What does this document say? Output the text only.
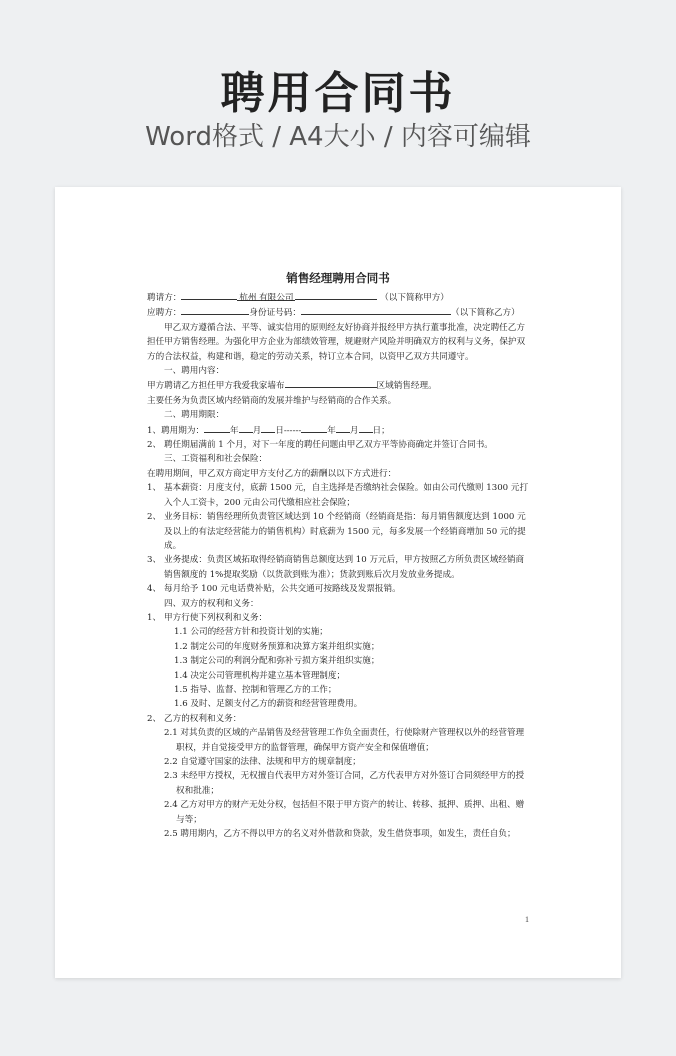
聘用合同书
Word格式 / A4大小 / 内容可编辑
销售经理聘用合同书
聘请方：	杭州 有限公司	（以下简称甲方）
应聘方：	身份证号码：	（以下简称乙方）
甲乙双方遵循合法、平等、诚实信用的原则经友好协商并报经甲方执行董事批准，决定聘任乙方担任甲方销售经理。为强化甲方企业为部绩效管理，规避财产风险并明确双方的权利与义务，保护双方的合法权益，构建和谐，稳定的劳动关系，特订立本合同，以资甲乙双方共同遵守。
一、聘用内容：
甲方聘请乙方担任甲方我爱我家墙布	区域销售经理。
主要任务为负责区域内经销商的发展并维护与经销商的合作关系。
二、聘用期限：
1、聘用期为：	年 月 日------	年 月 日；
2、 聘任期届满前 1 个月，对下一年度的聘任问题由甲乙双方平等协商确定并签订合同书。
三、工资福利和社会保险：
在聘用期间，甲乙双方商定甲方支付乙方的薪酬以以下方式进行：
1、 基本薪资：月度支付，底薪 1500 元，自主选择是否缴纳社会保险。如由公司代缴则 1300 元打入个人工资卡，200 元由公司代缴相应社会保险；
2、 业务目标：销售经理所负责管区域达到 10 个经销商（经销商是指：每月销售额度达到 1000 元及以上的有法定经营能力的销售机构）时底薪为 1500 元，每多发展一个经销商增加 50 元的提成。
3、 业务提成：负责区域拓取得经销商销售总额度达到 10 万元后，甲方按照乙方所负责区域经销商销售额度的 1%提取奖励（以货款到账为准）；货款到账后次月发放业务提成。
4、 每月给予 100 元电话费补贴，公共交通可按路线及发票报销。
四、双方的权利和义务：
1、 甲方行使下列权利和义务：
1.1 公司的经营方针和投资计划的实施；
1.2 制定公司的年度财务预算和决算方案并组织实施；
1.3 制定公司的利润分配和弥补亏损方案并组织实施；
1.4 决定公司管理机构并建立基本管理制度；
1.5 指导、监督、控制和管理乙方的工作；
1.6 及时、足额支付乙方的薪资和经营管理费用。
2、 乙方的权利和义务：
2.1 对其负责的区域的产品销售及经营管理工作负全面责任，行使除财产管理权以外的经营管理职权，并自觉接受甲方的监督管理，确保甲方资产安全和保值增值；
2.2 自觉遵守国家的法律、法规和甲方的规章制度；
2.3 未经甲方授权，无权擅自代表甲方对外签订合同，乙方代表甲方对外签订合同须经甲方的授权和批准；
2.4 乙方对甲方的财产无处分权，包括但不限于甲方资产的转让、转移、抵押、质押、出租、赠与等；
2.5 聘用期内，乙方不得以甲方的名义对外借款和贷款，发生借贷事项，如发生，责任自负；
1
